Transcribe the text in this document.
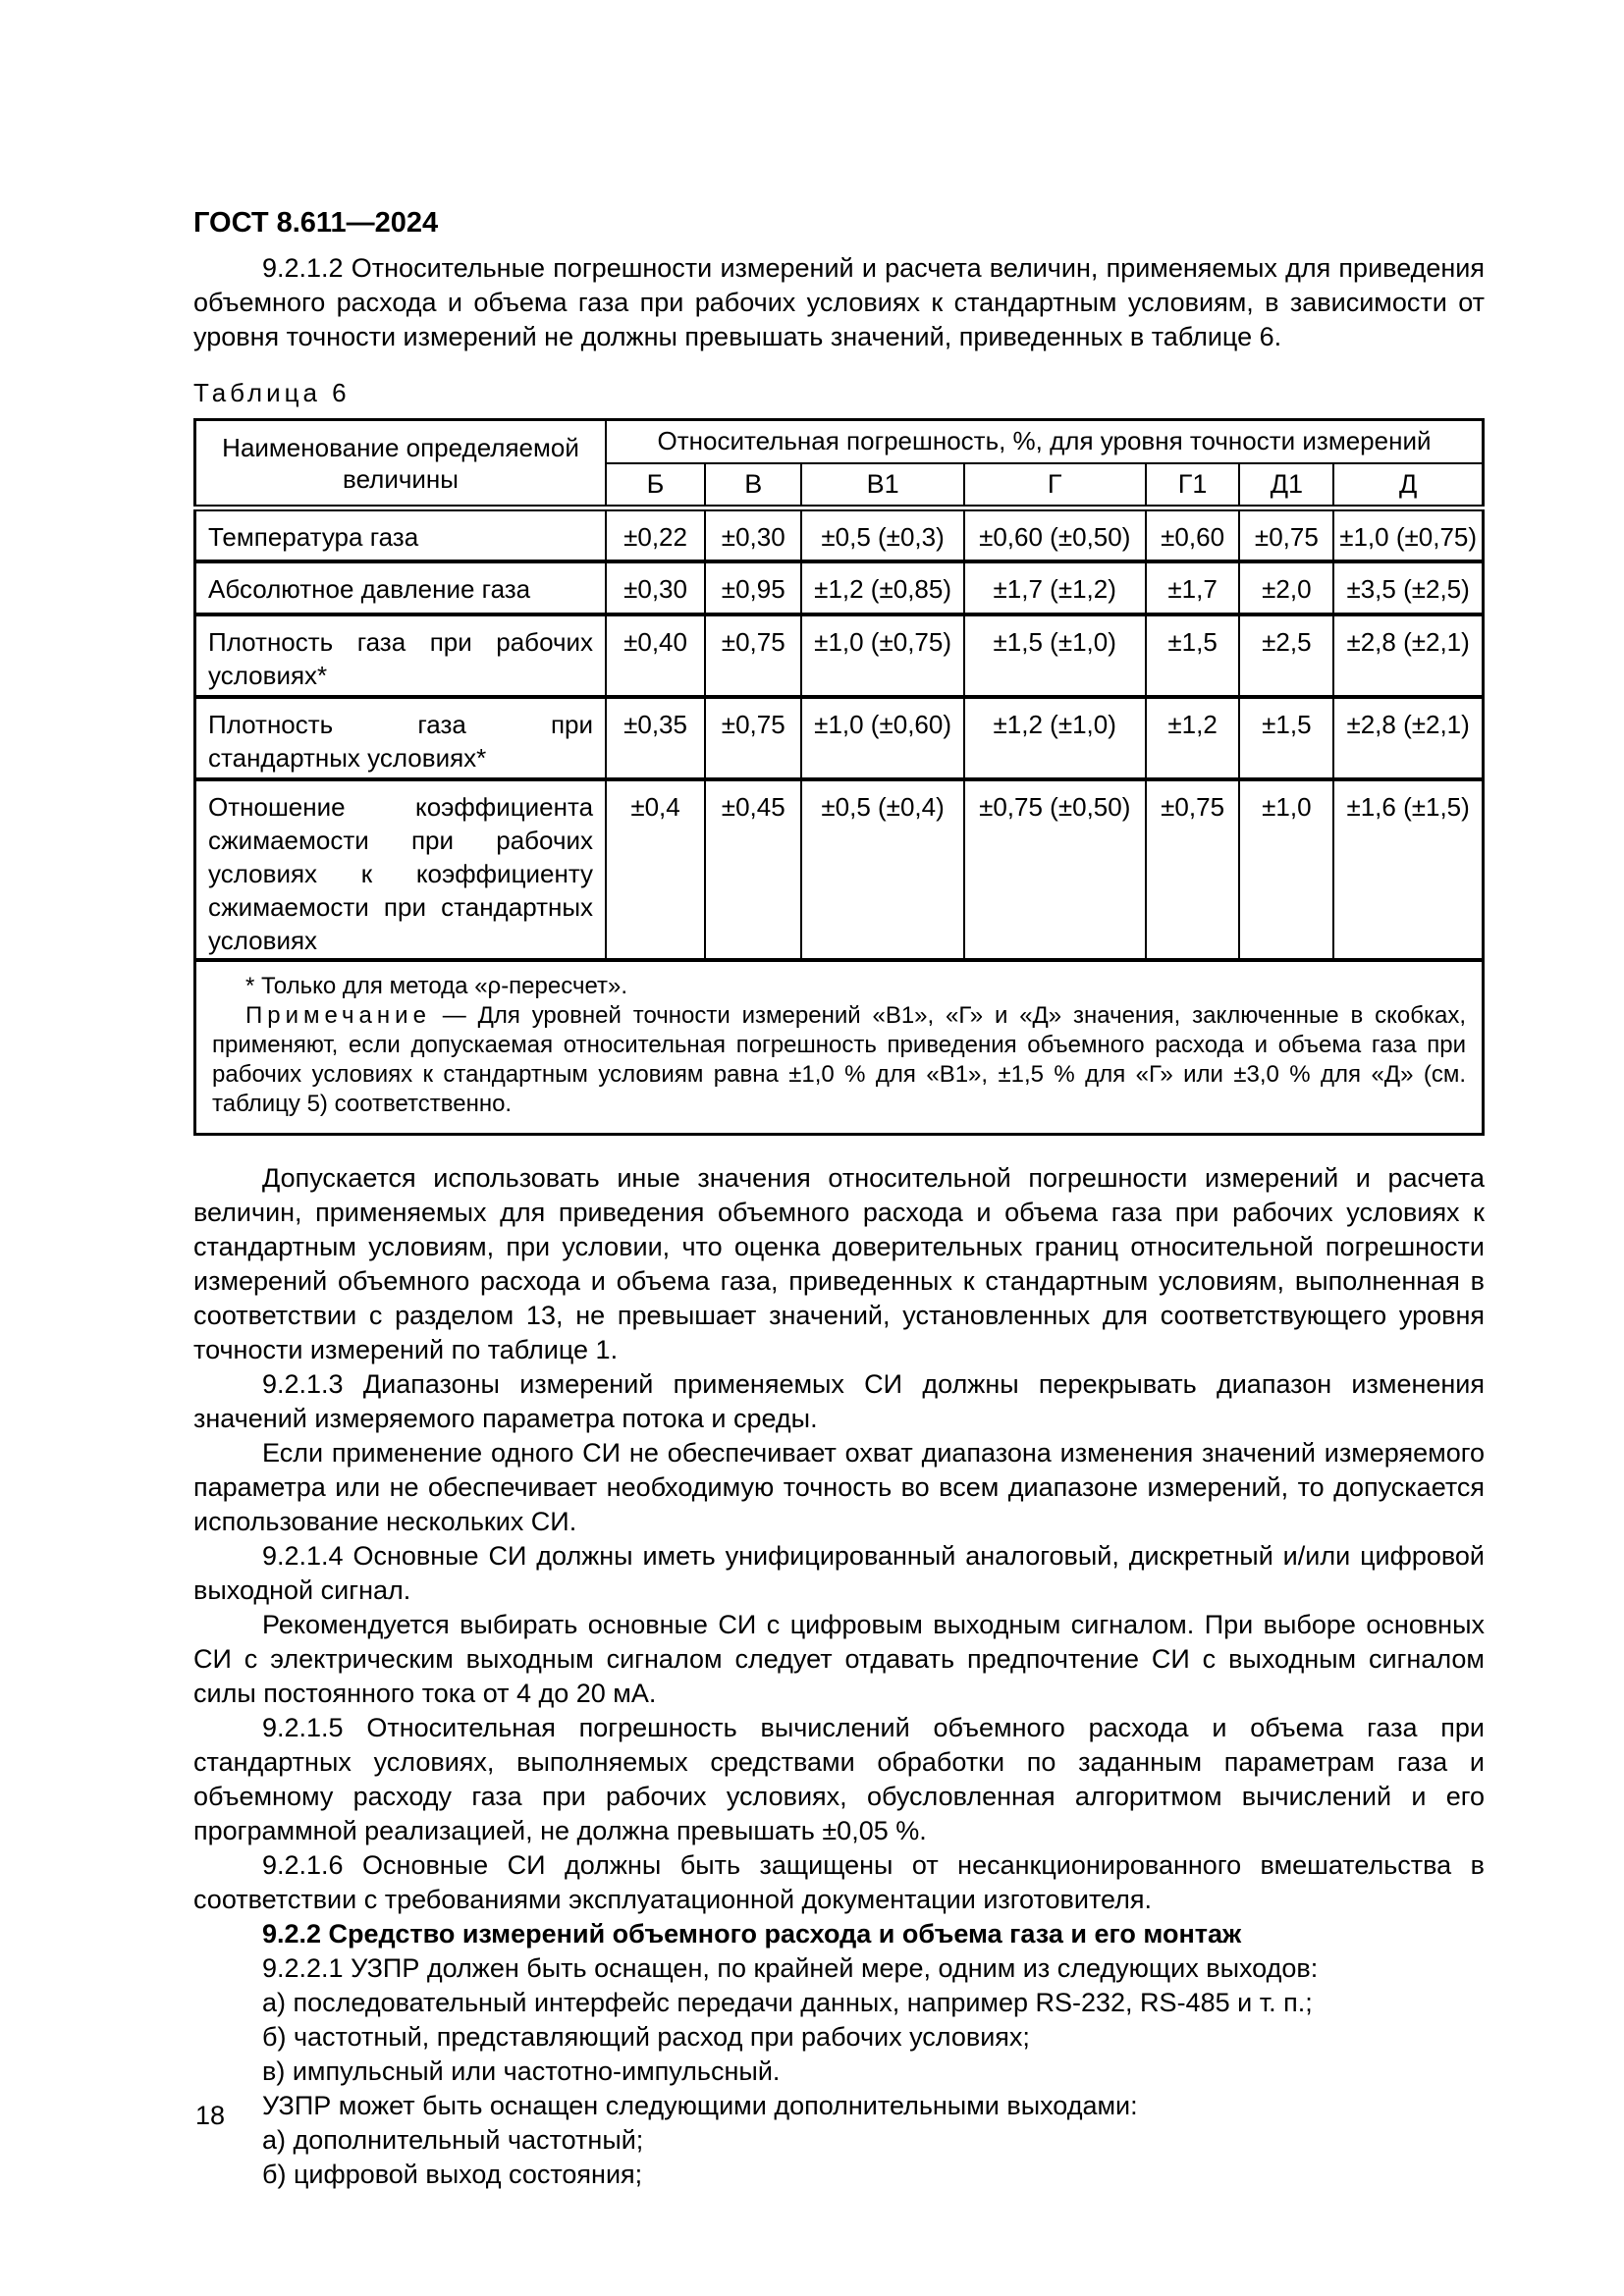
ГОСТ 8.611—2024

9.2.1.2 Относительные погрешности измерений и расчета величин, применяемых для приведения объемного расхода и объема газа при рабочих условиях к стандартным условиям, в зависимости от уровня точности измерений не должны превышать значений, приведенных в таблице 6.

Таблица 6
Наименование определяемой величины	Относительная погрешность, %, для уровня точности измерений						
	Б	В	В1	Г	Г1	Д1	Д
Температура газа	±0,22	±0,30	±0,5 (±0,3)	±0,60 (±0,50)	±0,60	±0,75	±1,0 (±0,75)
Абсолютное давление газа	±0,30	±0,95	±1,2 (±0,85)	±1,7 (±1,2)	±1,7	±2,0	±3,5 (±2,5)
Плотность газа при рабочих условиях*	±0,40	±0,75	±1,0 (±0,75)	±1,5 (±1,0)	±1,5	±2,5	±2,8 (±2,1)
Плотность газа при стандартных условиях*	±0,35	±0,75	±1,0 (±0,60)	±1,2 (±1,0)	±1,2	±1,5	±2,8 (±2,1)
Отношение коэффициента сжимаемости при рабочих условиях к коэффициенту сжимаемости при стандартных условиях	±0,4	±0,45	±0,5 (±0,4)	±0,75 (±0,50)	±0,75	±1,0	±1,6 (±1,5)

* Только для метода «ρ-пересчет».

Примечание — Для уровней точности измерений «В1», «Г» и «Д» значения, заключенные в скобках, применяют, если допускаемая относительная погрешность приведения объемного расхода и объема газа при рабочих условиях к стандартным условиям равна ±1,0 % для «В1», ±1,5 % для «Г» или ±3,0 % для «Д» (см. таблицу 5) соответственно.							

Допускается использовать иные значения относительной погрешности измерений и расчета величин, применяемых для приведения объемного расхода и объема газа при рабочих условиях к стандартным условиям, при условии, что оценка доверительных границ относительной погрешности измерений объемного расхода и объема газа, приведенных к стандартным условиям, выполненная в соответствии с разделом 13, не превышает значений, установленных для соответствующего уровня точности измерений по таблице 1.

9.2.1.3 Диапазоны измерений применяемых СИ должны перекрывать диапазон изменения значений измеряемого параметра потока и среды.

Если применение одного СИ не обеспечивает охват диапазона изменения значений измеряемого параметра или не обеспечивает необходимую точность во всем диапазоне измерений, то допускается использование нескольких СИ.

9.2.1.4 Основные СИ должны иметь унифицированный аналоговый, дискретный и/или цифровой выходной сигнал.

Рекомендуется выбирать основные СИ с цифровым выходным сигналом. При выборе основных СИ с электрическим выходным сигналом следует отдавать предпочтение СИ с выходным сигналом силы постоянного тока от 4 до 20 мА.

9.2.1.5 Относительная погрешность вычислений объемного расхода и объема газа при стандартных условиях, выполняемых средствами обработки по заданным параметрам газа и объемному расходу газа при рабочих условиях, обусловленная алгоритмом вычислений и его программной реализацией, не должна превышать ±0,05 %.

9.2.1.6 Основные СИ должны быть защищены от несанкционированного вмешательства в соответствии с требованиями эксплуатационной документации изготовителя.

9.2.2 Средство измерений объемного расхода и объема газа и его монтаж

9.2.2.1 УЗПР должен быть оснащен, по крайней мере, одним из следующих выходов:

а) последовательный интерфейс передачи данных, например RS-232, RS-485 и т. п.;

б) частотный, представляющий расход при рабочих условиях;

в) импульсный или частотно-импульсный.

УЗПР может быть оснащен следующими дополнительными выходами:

а) дополнительный частотный;

б) цифровой выход состояния;

18
